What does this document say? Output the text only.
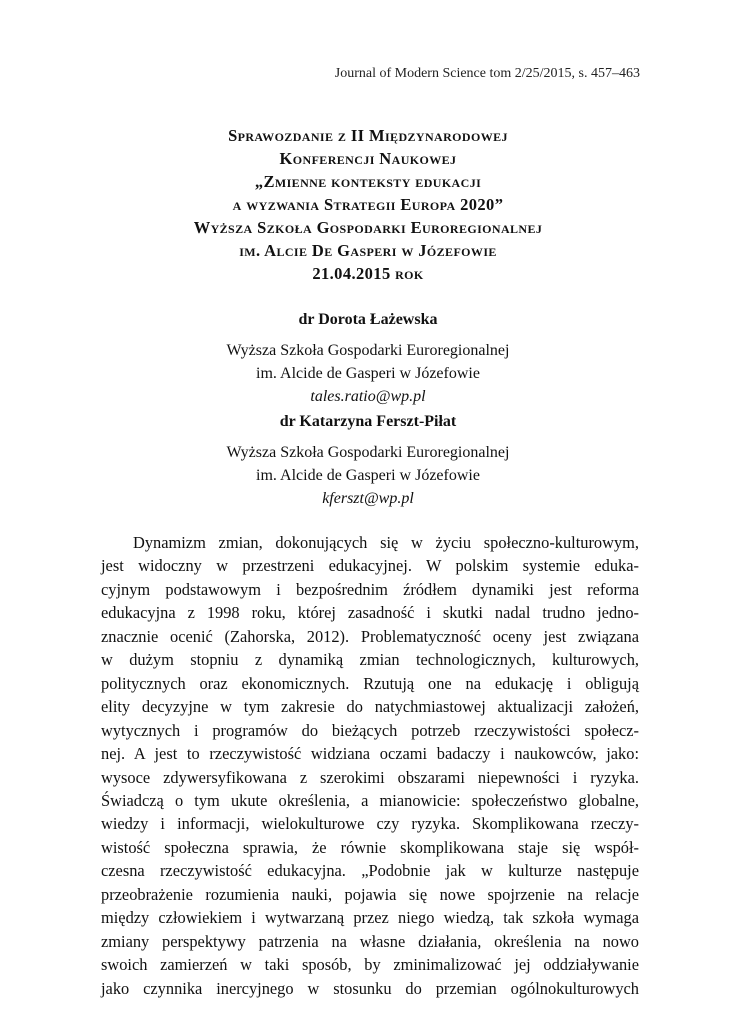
Journal of Modern Science tom 2/25/2015, s. 457–463
Sprawozdanie z II Międzynarodowej
Konferencji Naukowej
„Zmienne konteksty edukacji
a wyzwania Strategii Europa 2020”
Wyższa Szkoła Gospodarki Euroregionalnej
im. Alcie De Gasperi w Józefowie
21.04.2015 rok
dr Dorota Łażewska
Wyższa Szkoła Gospodarki Euroregionalnej
im. Alcide de Gasperi w Józefowie
tales.ratio@wp.pl
dr Katarzyna Ferszt-Piłat
Wyższa Szkoła Gospodarki Euroregionalnej
im. Alcide de Gasperi w Józefowie
kferszt@wp.pl
Dynamizm zmian, dokonujących się w życiu społeczno-kulturowym,
jest widoczny w przestrzeni edukacyjnej. W polskim systemie eduka-
cyjnym podstawowym i bezpośrednim źródłem dynamiki jest reforma
edukacyjna z 1998 roku, której zasadność i skutki nadal trudno jedno-
znacznie ocenić (Zahorska, 2012). Problematyczność oceny jest związana
w dużym stopniu z dynamiką zmian technologicznych, kulturowych,
politycznych oraz ekonomicznych. Rzutują one na edukację i obligują
elity decyzyjne w tym zakresie do natychmiastowej aktualizacji założeń,
wytycznych i programów do bieżących potrzeb rzeczywistości społecz-
nej. A jest to rzeczywistość widziana oczami badaczy i naukowców, jako:
wysoce zdywersyfikowana z szerokimi obszarami niepewności i ryzyka.
Świadczą o tym ukute określenia, a mianowicie: społeczeństwo globalne,
wiedzy i informacji, wielokulturowe czy ryzyka. Skomplikowana rzeczy-
wistość społeczna sprawia, że równie skomplikowana staje się współ-
czesna rzeczywistość edukacyjna. „Podobnie jak w kulturze następuje
przeobrażenie rozumienia nauki, pojawia się nowe spojrzenie na relacje
między człowiekiem i wytwarzaną przez niego wiedzą, tak szkoła wymaga
zmiany perspektywy patrzenia na własne działania, określenia na nowo
swoich zamierzeń w taki sposób, by zminimalizować jej oddziaływanie
jako czynnika inercyjnego w stosunku do przemian ogólnokulturowych
